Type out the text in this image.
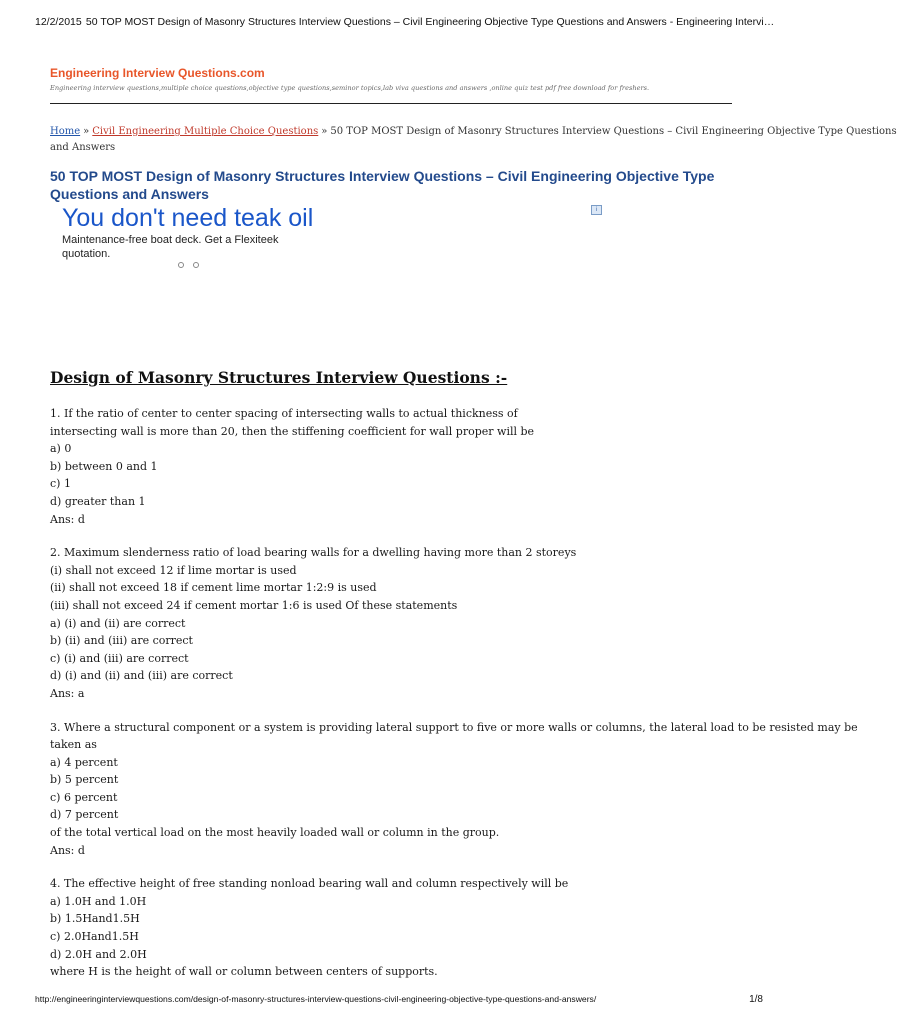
12/2/2015 50 TOP MOST Design of Masonry Structures Interview Questions – Civil Engineering Objective Type Questions and Answers - Engineering Intervi…
Engineering Interview Questions.com
Engineering interview questions,multiple choice questions,objective type questions,seminor topics,lab viva questions and answers ,online quiz test pdf free download for freshers.
Home » Civil Engineering Multiple Choice Questions » 50 TOP MOST Design of Masonry Structures Interview Questions – Civil Engineering Objective Type Questions
and Answers
50 TOP MOST Design of Masonry Structures Interview Questions – Civil Engineering Objective Type Questions and Answers
You don't need teak oil
Maintenance-free boat deck. Get a Flexiteek quotation.
i
Design of Masonry Structures Interview Questions :-
1. If the ratio of center to center spacing of intersecting walls to actual thickness of
intersecting wall is more than 20, then the stiffening coefficient for wall proper will be
a) 0
b) between 0 and 1
c) 1
d) greater than 1
Ans: d
2. Maximum slenderness ratio of load bearing walls for a dwelling having more than 2 storeys
(i) shall not exceed 12 if lime mortar is used
(ii) shall not exceed 18 if cement lime mortar 1:2:9 is used
(iii) shall not exceed 24 if cement mortar 1:6 is used Of these statements
a) (i) and (ii) are correct
b) (ii) and (iii) are correct
c) (i) and (iii) are correct
d) (i) and (ii) and (iii) are correct
Ans: a
3. Where a structural component or a system is providing lateral support to five or more walls or columns, the lateral load to be resisted may be
taken as
a) 4 percent
b) 5 percent
c) 6 percent
d) 7 percent
of the total vertical load on the most heavily loaded wall or column in the group.
Ans: d
4. The effective height of free standing nonload bearing wall and column respectively will be
a) 1.0H and 1.0H
b) 1.5Hand1.5H
c) 2.0Hand1.5H
d) 2.0H and 2.0H
where H is the height of wall or column between centers of supports.
http://engineeringinterviewquestions.com/design-of-masonry-structures-interview-questions-civil-engineering-objective-type-questions-and-answers/	1/8
